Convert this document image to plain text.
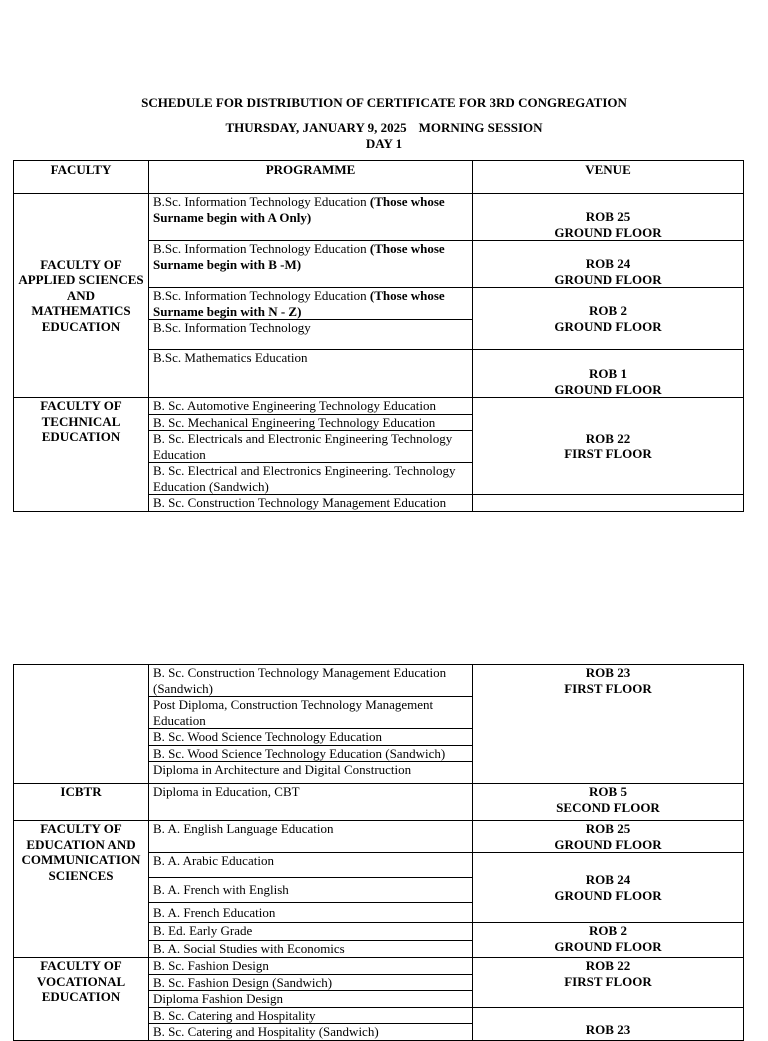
SCHEDULE FOR DISTRIBUTION OF CERTIFICATE FOR 3RD CONGREGATION
THURSDAY, JANUARY 9, 2025 MORNING SESSION
DAY 1
FACULTY	PROGRAMME	VENUE
FACULTY OF APPLIED SCIENCES AND MATHEMATICS EDUCATION	B.Sc. Information Technology Education (Those whose Surname begin with A Only)	ROB 25
GROUND FLOOR
	B.Sc. Information Technology Education (Those whose Surname begin with B -M)	ROB 24
GROUND FLOOR
	B.Sc. Information Technology Education (Those whose Surname begin with N - Z)	ROB 2
GROUND FLOOR
	B.Sc. Information Technology	
	B.Sc. Mathematics Education	ROB 1
GROUND FLOOR
FACULTY OF TECHNICAL EDUCATION	B. Sc. Automotive Engineering Technology Education	ROB 22
FIRST FLOOR
	B. Sc. Mechanical Engineering Technology Education	
	B. Sc. Electricals and Electronic Engineering Technology Education	
	B. Sc. Electrical and Electronics Engineering. Technology Education (Sandwich)	
	B. Sc. Construction Technology Management Education	
	B. Sc. Construction Technology Management Education (Sandwich)	ROB 23
FIRST FLOOR
	Post Diploma, Construction Technology Management Education	
	B. Sc. Wood Science Technology Education	
	B. Sc. Wood Science Technology Education (Sandwich)	
	Diploma in Architecture and Digital Construction	
ICBTR	Diploma in Education, CBT	ROB 5
SECOND FLOOR
FACULTY OF EDUCATION AND COMMUNICATION SCIENCES	B. A. English Language Education	ROB 25
GROUND FLOOR
	B. A. Arabic Education	ROB 24
GROUND FLOOR
	B. A. French with English	
	B. A. French Education	
	B. Ed. Early Grade	ROB 2
GROUND FLOOR
	B. A. Social Studies with Economics	
FACULTY OF VOCATIONAL EDUCATION	B. Sc. Fashion Design	ROB 22
FIRST FLOOR
	B. Sc. Fashion Design (Sandwich)	
	Diploma Fashion Design	
	B. Sc. Catering and Hospitality	ROB 23
	B. Sc. Catering and Hospitality (Sandwich)	
